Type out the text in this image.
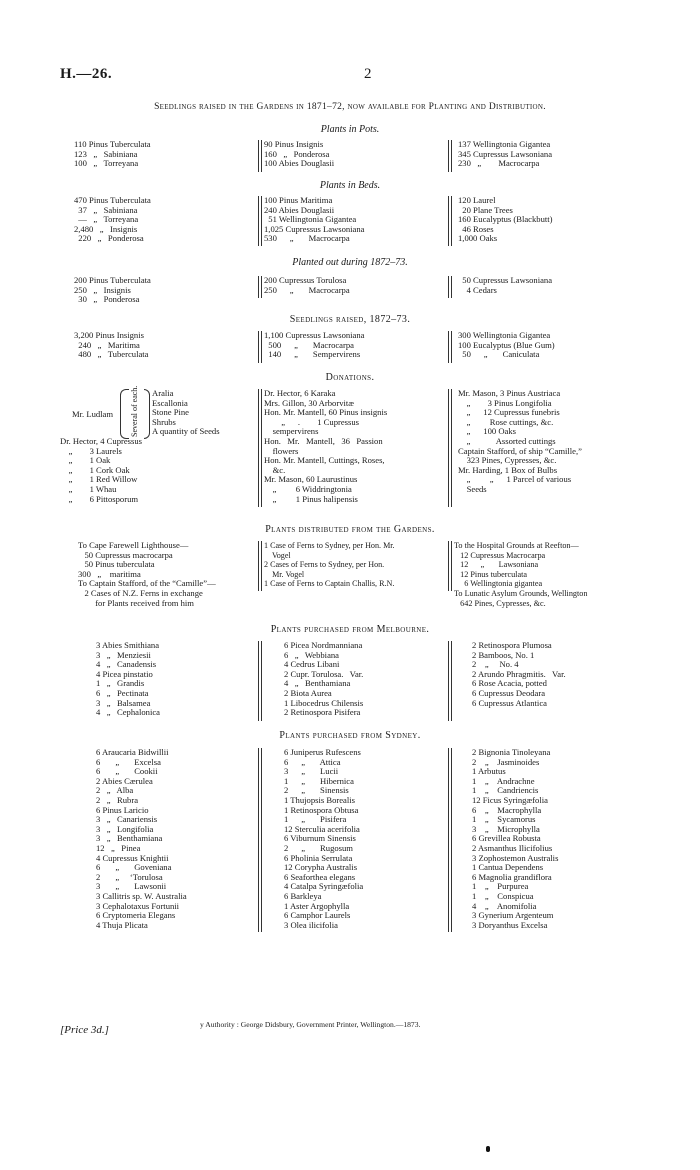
H.—26.	2
Seedlings raised in the Gardens in 1871–72, now available for Planting and Distribution.
Plants in Pots.
110 Pinus Tuberculata
123   „   Sabiniana
100   „   Torreyana
90 Pinus Insignis
160   „   Ponderosa
100 Abies Douglasii
137 Wellingtonia Gigantea
345 Cupressus Lawsoniana
230   „        Macrocarpa
Plants in Beds.
470 Pinus Tuberculata
37   „   Sabiniana
—   „   Torreyana
2,480   „   Insignis
220   „   Ponderosa
100 Pinus Maritima
240 Abies Douglasii
51 Wellingtonia Gigantea
1,025 Cupressus Lawsoniana
530      „       Macrocarpa
120 Laurel
20 Plane Trees
160 Eucalyptus (Blackbutt)
46 Roses
1,000 Oaks
Planted out during 1872–73.
200 Pinus Tuberculata
250   „   Insignis
30   „   Ponderosa
200 Cupressus Torulosa
250      „       Macrocarpa
50 Cupressus Lawsoniana
4 Cedars
Seedlings raised, 1872–73.
3,200 Pinus Insignis
240   „   Maritima
480   „   Tuberculata
1,100 Cupressus Lawsoniana
500      „       Macrocarpa
140      „       Sempervirens
300 Wellingtonia Gigantea
100 Eucalyptus (Blue Gum)
50      „       Caniculata
Donations.
Mr. Ludlam Several of each. Aralia
Escallonia
Stone Pine
Shrubs
A quantity of Seeds
Dr. Hector, 4 Cupressus
„        3 Laurels
„        1 Oak
„        1 Cork Oak
„        1 Red Willow
„        1 Whau
„        6 Pittosporum
Dr. Hector, 6 Karaka
Mrs. Gillon, 30 Arborvitæ
Hon. Mr. Mantell, 60 Pinus insignis
„      .        1 Cupressus
sempervirens
Hon.   Mr.   Mantell,   36   Passion
flowers
Hon. Mr. Mantell, Cuttings, Roses,
&c.
Mr. Mason, 60 Laurustinus
„         6 Widdringtonia
„         1 Pinus halipensis
Mr. Mason, 3 Pinus Austriaca
„        3 Pinus Longifolia
„      12 Cupressus funebris
„         Rose cuttings, &c.
„      100 Oaks
„            Assorted cuttings
Captain Stafford, of ship “Camille,”
323 Pines, Cypresses, &c.
Mr. Harding, 1 Box of Bulbs
„         „      1 Parcel of various
Seeds
Plants distributed from the Gardens.
To Cape Farewell Lighthouse—
50 Cupressus macrocarpa
50 Pinus tuberculata
300   „    maritima
To Captain Stafford, of the “Camille”—
2 Cases of N.Z. Ferns in exchange
for Plants received from him
1 Case of Ferns to Sydney, per Hon. Mr.
Vogel
2 Cases of Ferns to Sydney, per Hon.
Mr. Vogel
1 Case of Ferns to Captain Challis, R.N.
To the Hospital Grounds at Reefton—
12 Cupressus Macrocarpa
12      „       Lawsoniana
12 Pinus tuberculata
6 Wellingtonia gigantea
To Lunatic Asylum Grounds, Wellington
642 Pines, Cypresses, &c.
Plants purchased from Melbourne.
3 Abies Smithiana
3   „   Menziesii
4   „   Canadensis
4 Picea pinstatio
1   „   Grandis
6   „   Pectinata
3   „   Balsamea
4   „   Cephalonica
6 Picea Nordmanniana
6   „   Webbiana
4 Cedrus Libani
2 Cupr. Torulosa.   Var.
4   „   Benthamiana
2 Biota Aurea
1 Libocedrus Chilensis
2 Retinospora Pisifera
2 Retinospora Plumosa
2 Bamboos, No. 1
2    „     No. 4
2 Arundo Phragmitis.   Var.
6 Rose Acacia, potted
6 Cupressus Deodara
6 Cupressus Atlantica
Plants purchased from Sydney.
6 Araucaria Bidwillii
6       „       Excelsa
6       „       Cookii
2 Abies Cærulea
2   „   Alba
2   „   Rubra
6 Pinus Laricio
3   „   Canariensis
3   „   Longifolia
3   „   Benthamiana
12   „   Pinea
4 Cupressus Knightii
6       „       Goveniana
2       „     ‘Torulosa
3       „       Lawsonii
3 Callitris sp. W. Australia
3 Cephalotaxus Fortunii
6 Cryptomeria Elegans
4 Thuja Plicata
6 Juniperus Rufescens
6      „       Attica
3      „       Lucii
1      „       Hibernica
2      „       Sinensis
1 Thujopsis Borealis
1 Retinospora Obtusa
1      „       Pisifera
12 Sterculia acerifolia
6 Viburnum Sinensis
2      „       Rugosum
6 Pholinia Serrulata
12 Corypha Australis
6 Seaforthea elegans
4 Catalpa Syringæfolia
6 Barkleya
1 Aster Argophylla
6 Camphor Laurels
3 Olea ilicifolia
2 Bignonia Tinoleyana
2    „    Jasminoides
1 Arbutus
1    „    Andrachne
1    „    Candriencis
12 Ficus Syringæfolia
6    „    Macrophylla
1    „    Sycamorus
3    „    Microphylla
6 Grevillea Robusta
2 Asmanthus Ilicifolius
3 Zophostemon Australis
1 Cantua Dependens
6 Magnolia grandiflora
1    „    Purpurea
1    „    Conspicua
4    „    Anomifolia
3 Gynerium Argenteum
3 Doryanthus Excelsa
[Price 3d.]	y Authority : George Didsbury, Government Printer, Wellington.—1873.
